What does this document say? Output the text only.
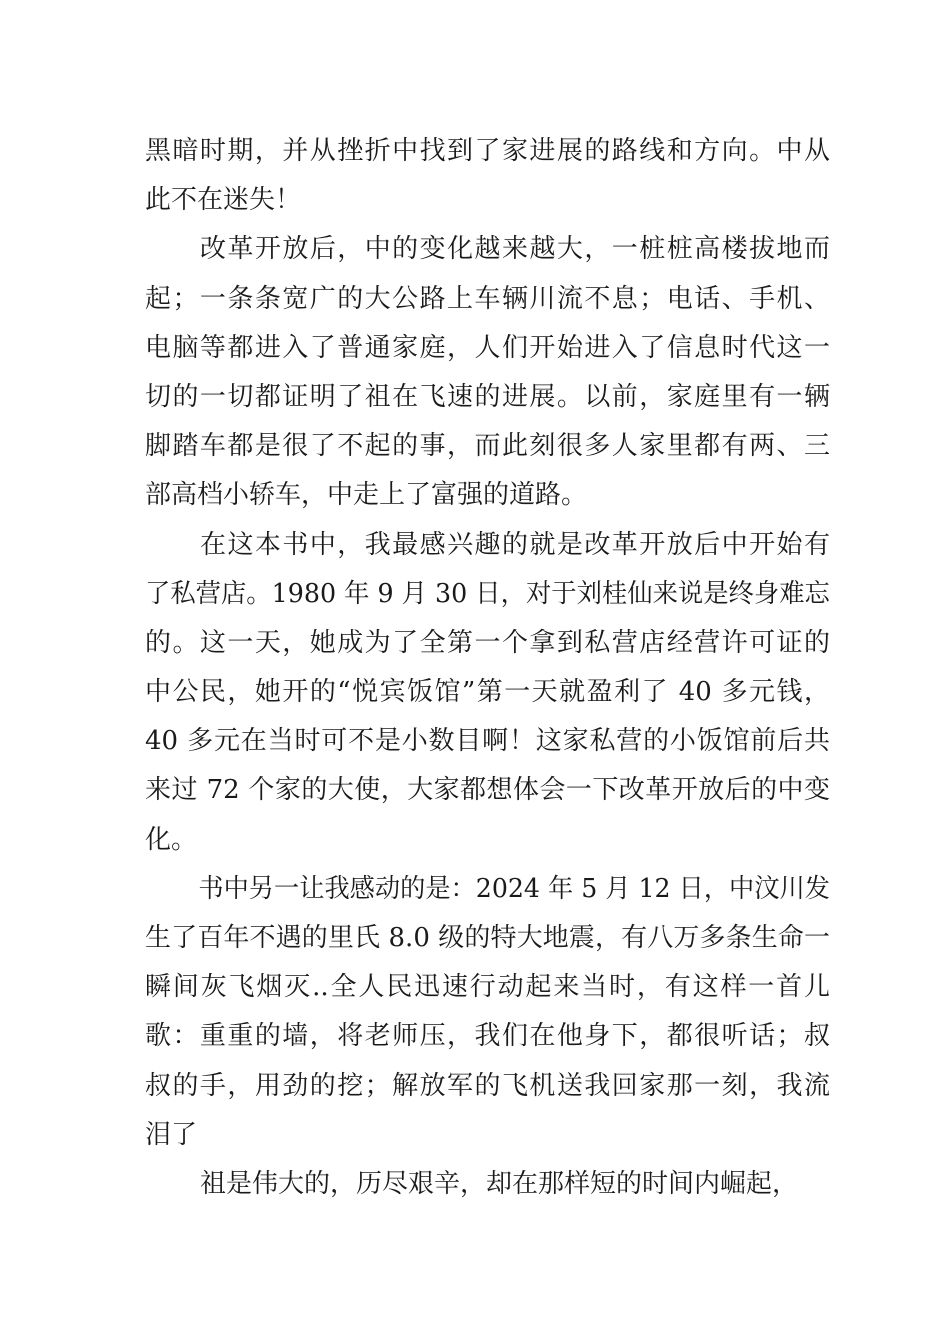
黑暗时期，并从挫折中找到了家进展的路线和方向。中从
此不在迷失！
改革开放后，中的变化越来越大，一桩桩高楼拔地而
起；一条条宽广的大公路上车辆川流不息；电话、手机、
电脑等都进入了普通家庭，人们开始进入了信息时代这一
切的一切都证明了祖在飞速的进展。以前，家庭里有一辆
脚踏车都是很了不起的事，而此刻很多人家里都有两、三
部高档小轿车，中走上了富强的道路。
在这本书中，我最感兴趣的就是改革开放后中开始有
了私营店。1980 年 9 月 30 日，对于刘桂仙来说是终身难忘
的。这一天，她成为了全第一个拿到私营店经营许可证的
中公民，她开的“悦宾饭馆”第一天就盈利了 40 多元钱，
40 多元在当时可不是小数目啊！这家私营的小饭馆前后共
来过 72 个家的大使，大家都想体会一下改革开放后的中变
化。
书中另一让我感动的是：2024 年 5 月 12 日，中汶川发
生了百年不遇的里氏 8.0 级的特大地震，有八万多条生命一
瞬间灰飞烟灭..全人民迅速行动起来当时，有这样一首儿
歌：重重的墙，将老师压，我们在他身下，都很听话；叔
叔的手，用劲的挖；解放军的飞机送我回家那一刻，我流
泪了
祖是伟大的，历尽艰辛，却在那样短的时间内崛起，
